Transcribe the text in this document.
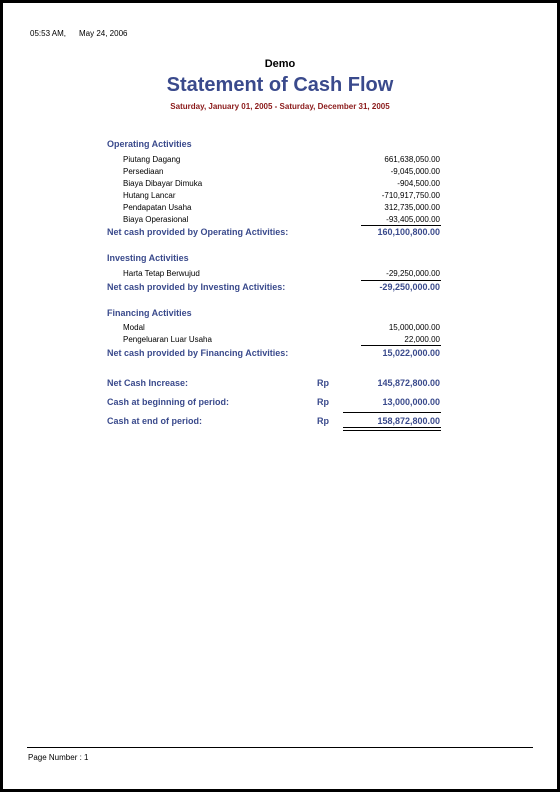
05:53 AM, May 24, 2006
Demo
Statement of Cash Flow
Saturday, January 01, 2005 - Saturday, December 31, 2005
Operating Activities
Piutang Dagang	661,638,050.00
Persediaan	-9,045,000.00
Biaya Dibayar Dimuka	-904,500.00
Hutang Lancar	-710,917,750.00
Pendapatan Usaha	312,735,000.00
Biaya Operasional	-93,405,000.00
Net cash provided by Operating Activities:	160,100,800.00
Investing Activities
Harta Tetap Berwujud	-29,250,000.00
Net cash provided by Investing Activities:	-29,250,000.00
Financing Activities
Modal	15,000,000.00
Pengeluaran Luar Usaha	22,000.00
Net cash provided by Financing Activities:	15,022,000.00
Net Cash Increase:	Rp	145,872,800.00
Cash at beginning of period:	Rp	13,000,000.00
Cash at end of period:	Rp	158,872,800.00
Page Number : 1
